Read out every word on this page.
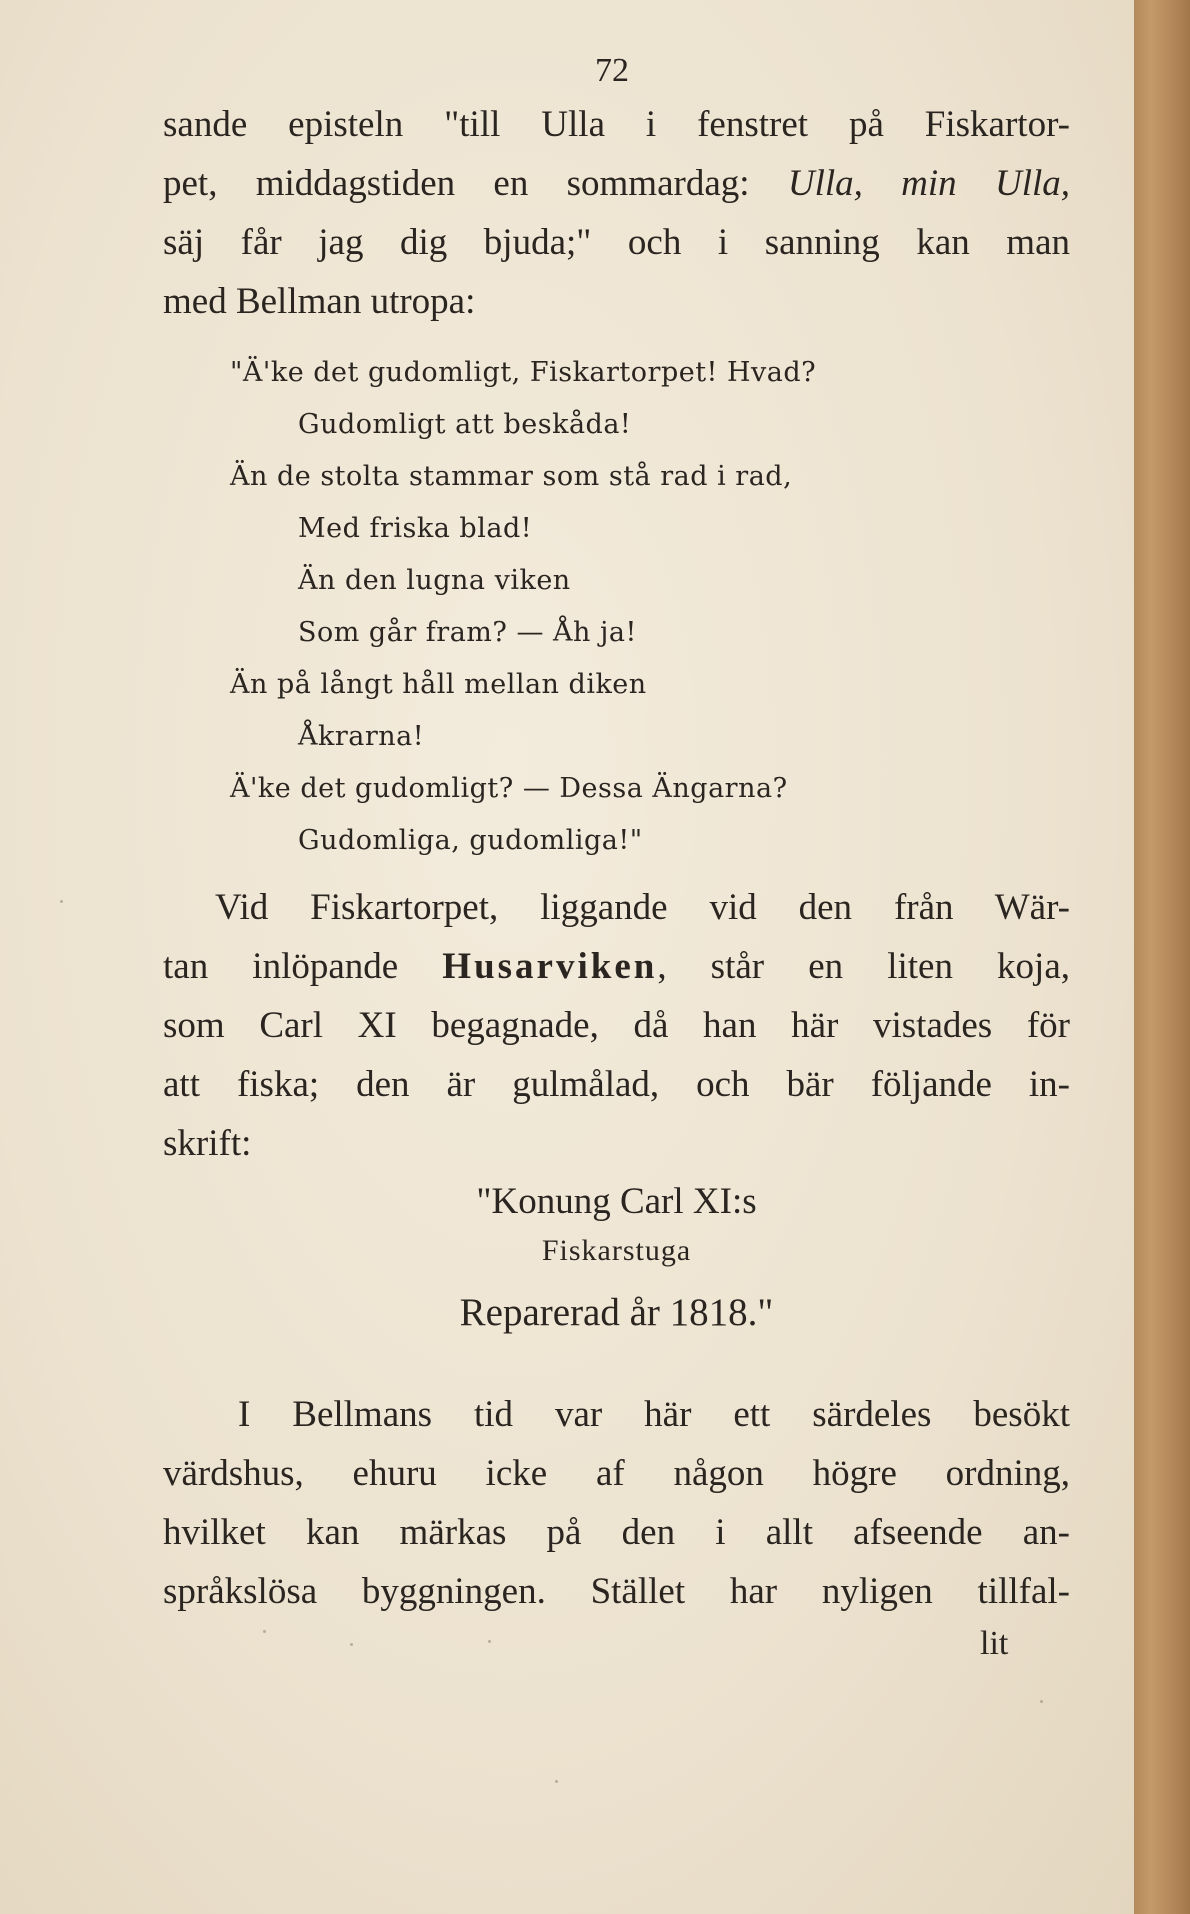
72
sande episteln "till Ulla i fenstret på Fiskartor-
pet, middagstiden en sommardag: Ulla, min Ulla,
säj får jag dig bjuda;" och i sanning kan man
med Bellman utropa:
"Ä'ke det gudomligt, Fiskartorpet! Hvad?
Gudomligt att beskåda!
Än de stolta stammar som stå rad i rad,
Med friska blad!
Än den lugna viken
Som går fram? — Åh ja!
Än på långt håll mellan diken
Åkrarna!
Ä'ke det gudomligt? — Dessa Ängarna?
Gudomliga, gudomliga!"
Vid Fiskartorpet, liggande vid den från Wär-
tan inlöpande Husarviken, står en liten koja,
som Carl XI begagnade, då han här vistades för
att fiska; den är gulmålad, och bär följande in-
skrift:
"Konung Carl XI:s
Fiskarstuga
Reparerad år 1818."
I Bellmans tid var här ett särdeles besökt
värdshus, ehuru icke af någon högre ordning,
hvilket kan märkas på den i allt afseende an-
språkslösa byggningen. Stället har nyligen tillfal-
lit
